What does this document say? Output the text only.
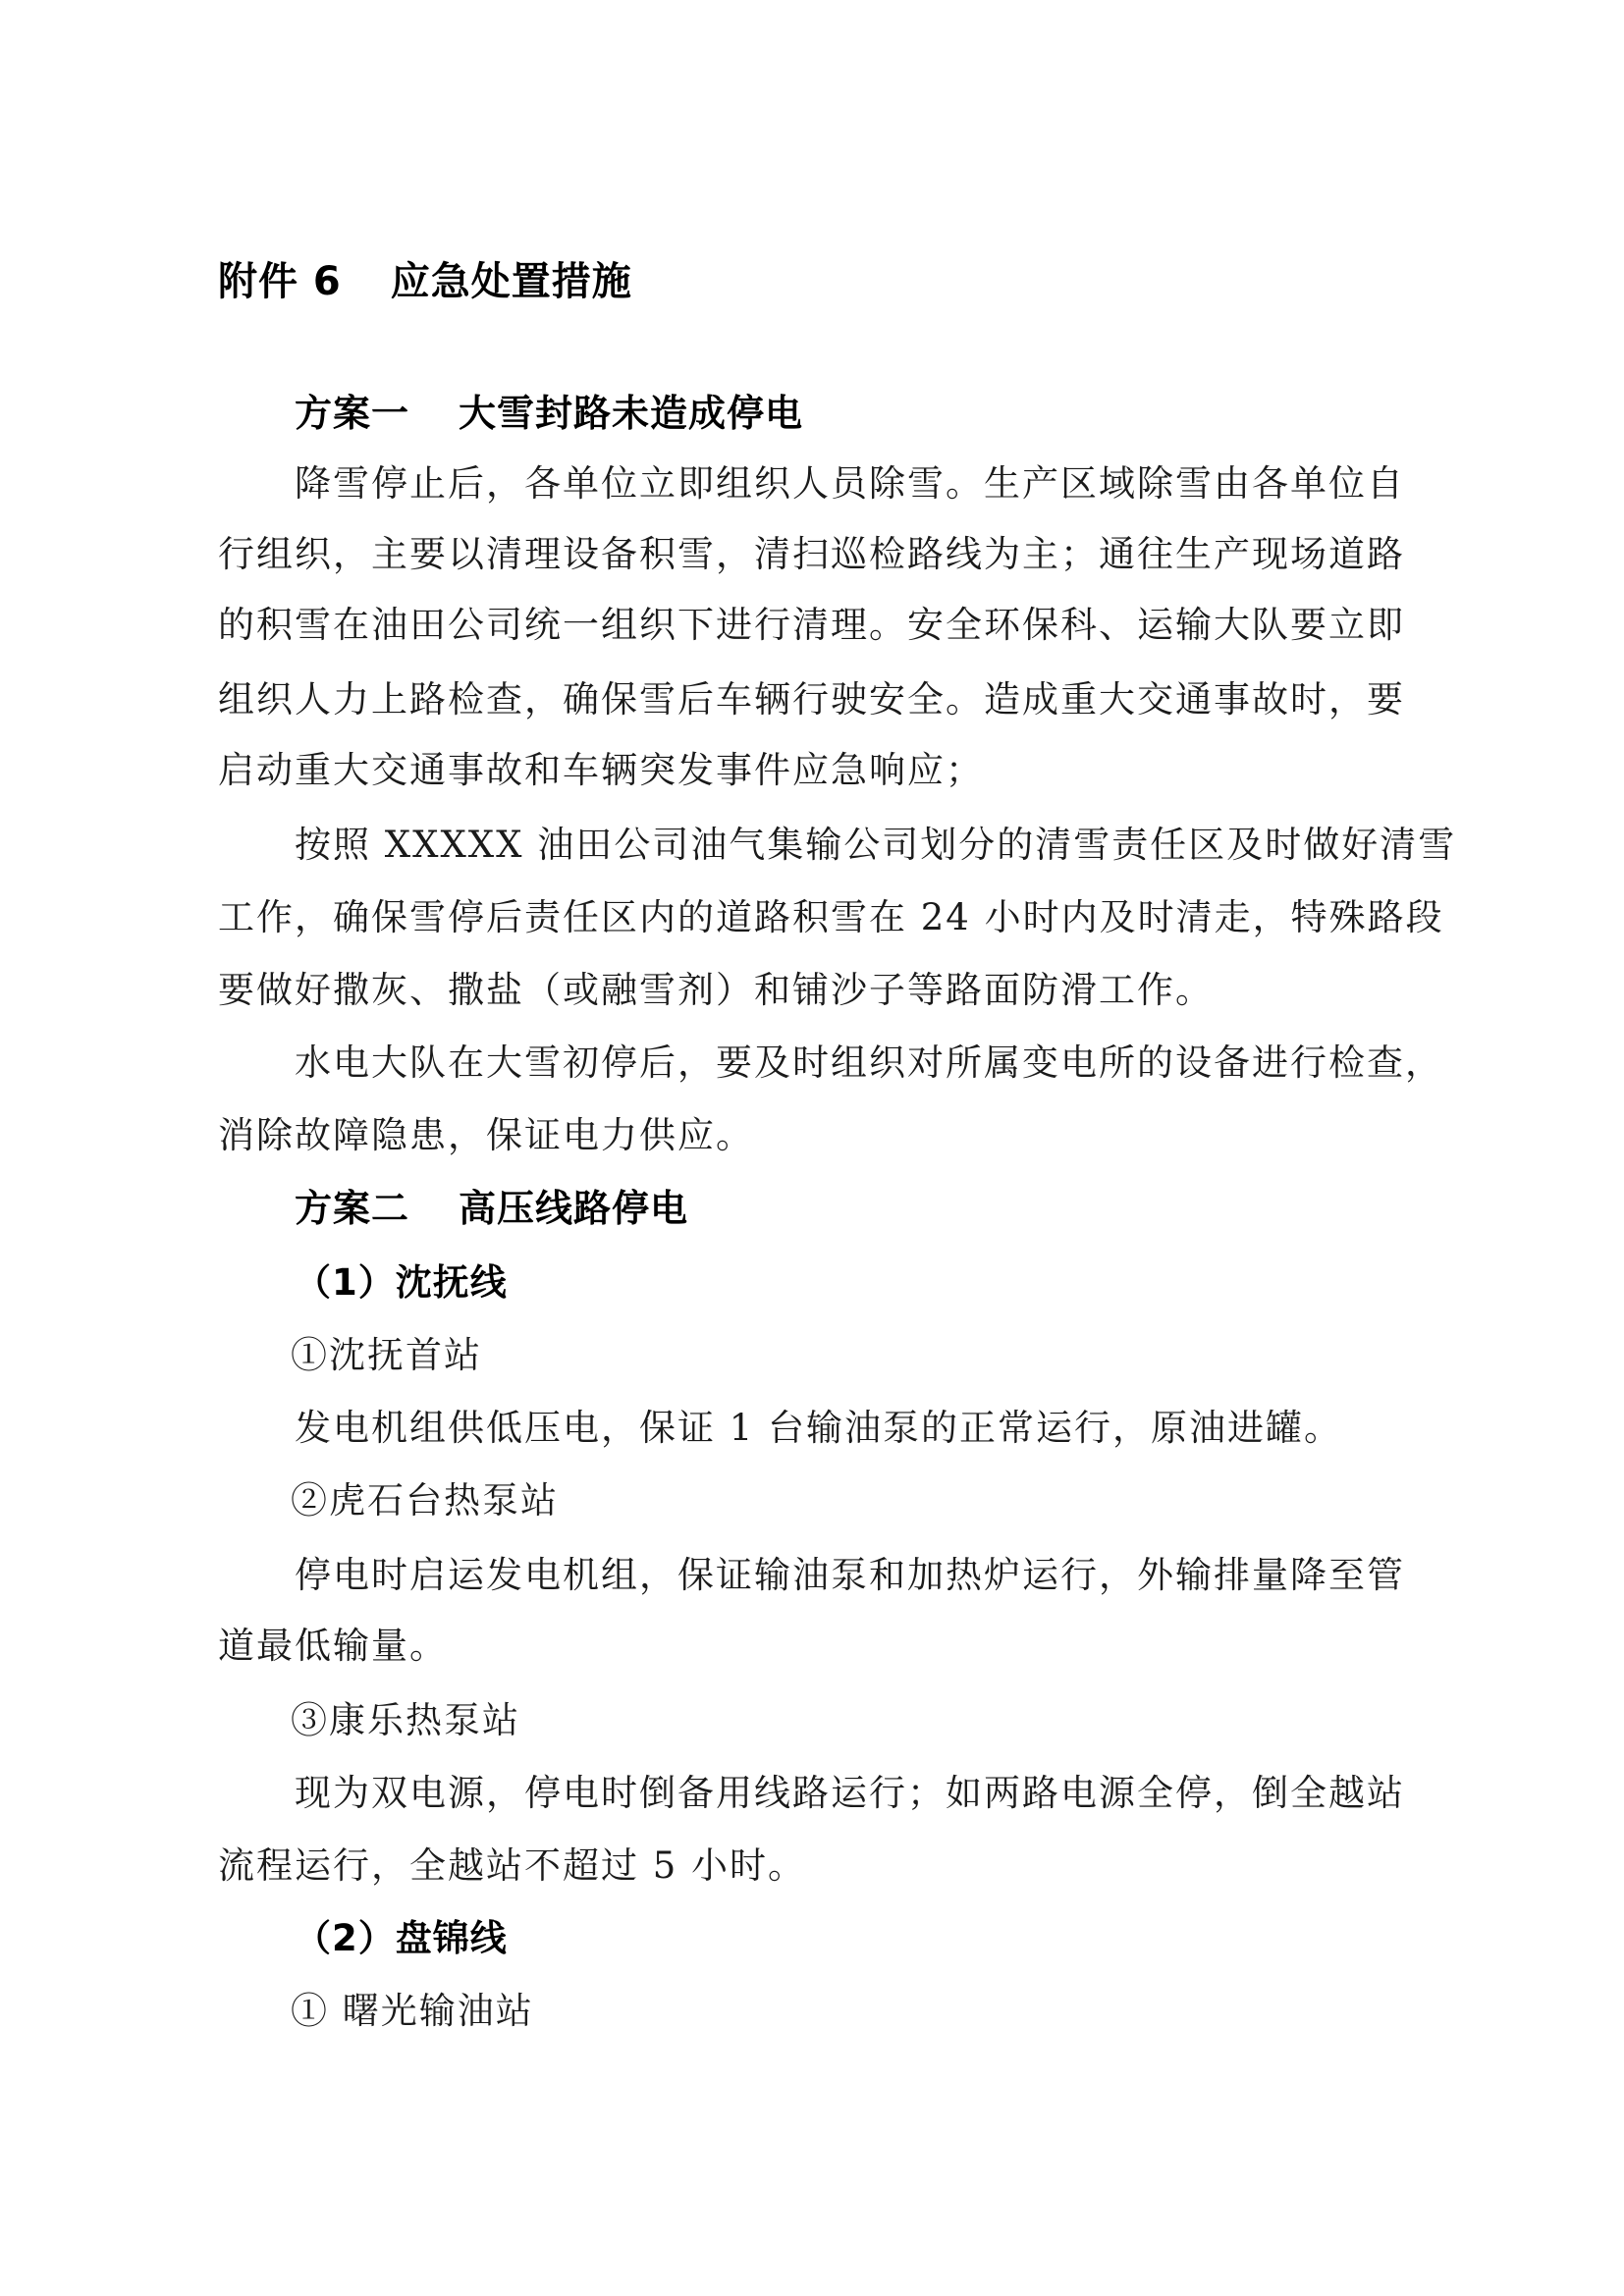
附件 6 应急处置措施
方案一 大雪封路未造成停电

降雪停止后，各单位立即组织人员除雪。生产区域除雪由各单位自

行组织，主要以清理设备积雪，清扫巡检路线为主；通往生产现场道路

的积雪在油田公司统一组织下进行清理。安全环保科、运输大队要立即

组织人力上路检查，确保雪后车辆行驶安全。造成重大交通事故时，要

启动重大交通事故和车辆突发事件应急响应；

按照 XXXXX 油田公司油气集输公司划分的清雪责任区及时做好清雪

工作，确保雪停后责任区内的道路积雪在 24 小时内及时清走，特殊路段

要做好撒灰、撒盐（或融雪剂）和铺沙子等路面防滑工作。

水电大队在大雪初停后，要及时组织对所属变电所的设备进行检查，

消除故障隐患，保证电力供应。

方案二 高压线路停电
（1）沈抚线

①沈抚首站

发电机组供低压电，保证 1 台输油泵的正常运行，原油进罐。

②虎石台热泵站

停电时启运发电机组，保证输油泵和加热炉运行，外输排量降至管

道最低输量。

③康乐热泵站

现为双电源，停电时倒备用线路运行；如两路电源全停，倒全越站

流程运行，全越站不超过 5 小时。

（2）盘锦线

① 曙光输油站
